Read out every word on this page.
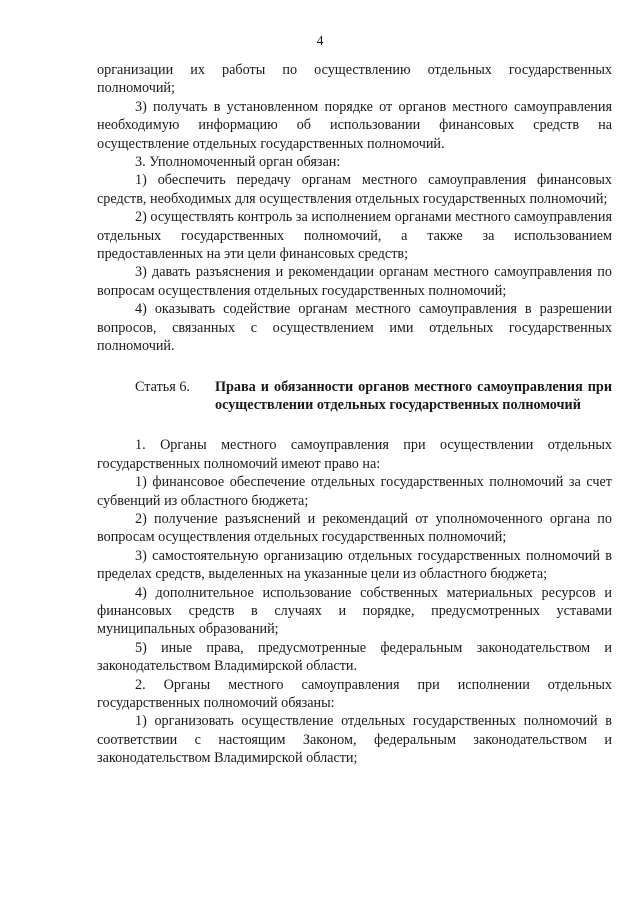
4

организации их работы по осуществлению отдельных государственных полномочий;

3) получать в установленном порядке от органов местного самоуправления необходимую информацию об использовании финансовых средств на осуществление отдельных государственных полномочий.

3. Уполномоченный орган обязан:

1) обеспечить передачу органам местного самоуправления финансовых средств, необходимых для осуществления отдельных государственных полномочий;

2) осуществлять контроль за исполнением органами местного самоуправления отдельных государственных полномочий, а также за использованием предоставленных на эти цели финансовых средств;

3) давать разъяснения и рекомендации органам местного самоуправления по вопросам осуществления отдельных государственных полномочий;

4) оказывать содействие органам местного самоуправления в разрешении вопросов, связанных с осуществлением ими отдельных государственных полномочий.

Статья 6.	Права и обязанности органов местного самоуправления при осуществлении отдельных государственных полномочий

1. Органы местного самоуправления при осуществлении отдельных государственных полномочий имеют право на:

1) финансовое обеспечение отдельных государственных полномочий за счет субвенций из областного бюджета;

2) получение разъяснений и рекомендаций от уполномоченного органа по вопросам осуществления отдельных государственных полномочий;

3) самостоятельную организацию отдельных государственных полномочий в пределах средств, выделенных на указанные цели из областного бюджета;

4) дополнительное использование собственных материальных ресурсов и финансовых средств в случаях и порядке, предусмотренных уставами муниципальных образований;

5) иные права, предусмотренные федеральным законодательством и законодательством Владимирской области.

2. Органы местного самоуправления при исполнении отдельных государственных полномочий обязаны:

1) организовать осуществление отдельных государственных полномочий в соответствии с настоящим Законом, федеральным законодательством и законодательством Владимирской области;
